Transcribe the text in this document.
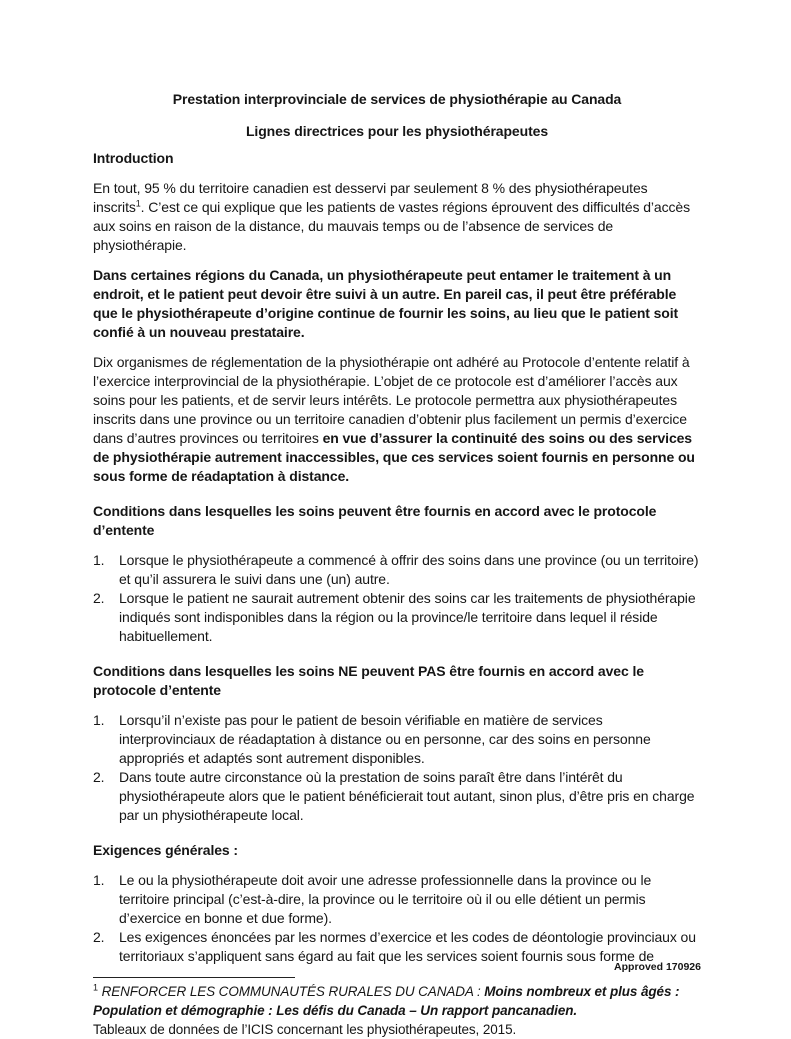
Prestation interprovinciale de services de physiothérapie au Canada
Lignes directrices pour les physiothérapeutes
Introduction

En tout, 95 % du territoire canadien est desservi par seulement 8 % des physiothérapeutes inscrits$^1$. C’est ce qui explique que les patients de vastes régions éprouvent des difficultés d’accès aux soins en raison de la distance, du mauvais temps ou de l’absence de services de physiothérapie.

Dans certaines régions du Canada, un physiothérapeute peut entamer le traitement à un endroit, et le patient peut devoir être suivi à un autre. En pareil cas, il peut être préférable que le physiothérapeute d’origine continue de fournir les soins, au lieu que le patient soit confié à un nouveau prestataire.

Dix organismes de réglementation de la physiothérapie ont adhéré au Protocole d’entente relatif à l’exercice interprovincial de la physiothérapie. L’objet de ce protocole est d’améliorer l’accès aux soins pour les patients, et de servir leurs intérêts. Le protocole permettra aux physiothérapeutes inscrits dans une province ou un territoire canadien d’obtenir plus facilement un permis d’exercice dans d’autres provinces ou territoires en vue d’assurer la continuité des soins ou des services de physiothérapie autrement inaccessibles, que ces services soient fournis en personne ou sous forme de réadaptation à distance.

Conditions dans lesquelles les soins peuvent être fournis en accord avec le protocole d’entente
1.	Lorsque le physiothérapeute a commencé à offrir des soins dans une province (ou un territoire) et qu’il assurera le suivi dans une (un) autre.
2.	Lorsque le patient ne saurait autrement obtenir des soins car les traitements de physiothérapie indiqués sont indisponibles dans la région ou la province/le territoire dans lequel il réside habituellement.
Conditions dans lesquelles les soins NE peuvent PAS être fournis en accord avec le protocole d’entente
1.	Lorsqu’il n’existe pas pour le patient de besoin vérifiable en matière de services interprovinciaux de réadaptation à distance ou en personne, car des soins en personne appropriés et adaptés sont autrement disponibles.
2.	Dans toute autre circonstance où la prestation de soins paraît être dans l’intérêt du physiothérapeute alors que le patient bénéficierait tout autant, sinon plus, d’être pris en charge par un physiothérapeute local.
Exigences générales :
1.	Le ou la physiothérapeute doit avoir une adresse professionnelle dans la province ou le territoire principal (c’est-à-dire, la province ou le territoire où il ou elle détient un permis d’exercice en bonne et due forme).
2.	Les exigences énoncées par les normes d’exercice et les codes de déontologie provinciaux ou territoriaux s’appliquent sans égard au fait que les services soient fournis sous forme de
$^1$ RENFORCER LES COMMUNAUTÉS RURALES DU CANADA : Moins nombreux et plus âgés : Population et démographie : Les défis du Canada – Un rapport pancanadien.
Tableaux de données de l’ICIS concernant les physiothérapeutes, 2015.
Approved 170926
